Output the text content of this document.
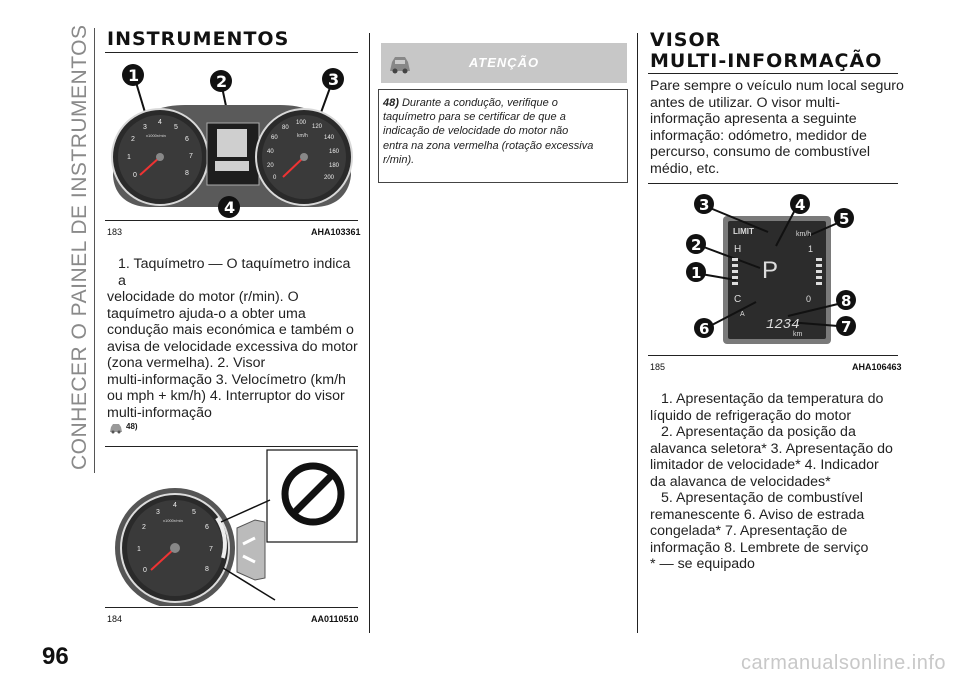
CONHECER O PAINEL DE INSTRUMENTOS
96	carmanualsonline.info
INSTRUMENTOS
0
1
2
3
4
5
6
7
8
x1000r/min
0
20
40
60
80
100
120
140
160
180
200
km/h
1	2	3
4
183	AHA103361
1. Taquímetro — O taquímetro indica a
velocidade do motor (r/min). O
taquímetro ajuda-o a obter uma
condução mais económica e também o
avisa de velocidade excessiva do motor
(zona vermelha). 2. Visor
multi-informação 3. Velocímetro (km/h
ou mph + km/h) 4. Interruptor do visor
multi-informação
48)
0
1
2
3
4
5
6
7
8
x1000r/min
184	AA0110510
ATENÇÃO
48) Durante a condução, verifique o
taquímetro para se certificar de que a
indicação de velocidade do motor não
entra na zona vermelha (rotação excessiva
r/min).
VISOR
MULTI-INFORMAÇÃO
Pare sempre o veículo num local seguro
antes de utilizar. O visor multi-
informação apresenta a seguinte
informação: odómetro, medidor de
percurso, consumo de combustível
médio, etc.
LIMIT	km/h
H	1
P
C	0
A
1234
km
3	4
5
2
1
6
8
7
185	AHA106463
1. Apresentação da temperatura do
líquido de refrigeração do motor
2. Apresentação da posição da
alavanca seletora* 3. Apresentação do
limitador de velocidade* 4. Indicador
da alavanca de velocidades*
5. Apresentação de combustível
remanescente 6. Aviso de estrada
congelada* 7. Apresentação de
informação 8. Lembrete de serviço
* — se equipado
